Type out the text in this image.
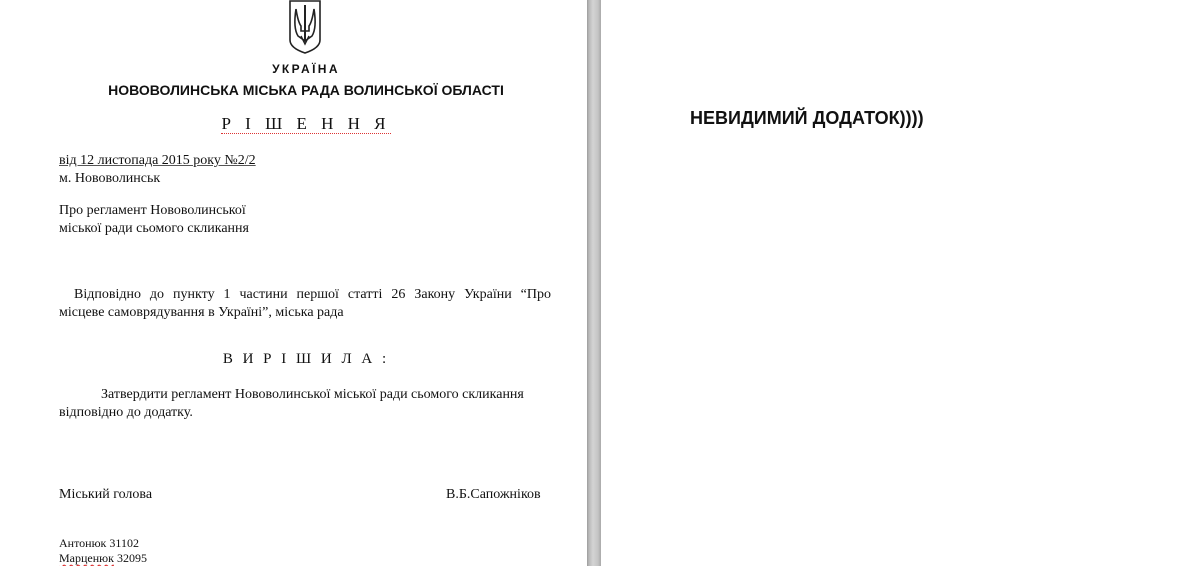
УКРАЇНА
НОВОВОЛИНСЬКА МІСЬКА РАДА ВОЛИНСЬКОЇ ОБЛАСТІ
Р І Ш Е Н Н Я
від 12 листопада 2015 року №2/2
м. Нововолинськ
Про регламент Нововолинської
міської ради сьомого скликання
Відповідно до пункту 1 частини першої статті 26 Закону України “Про
місцеве самоврядування в Україні”, міська рада
В И Р І Ш И Л А :
Затвердити регламент Нововолинської міської ради сьомого скликання
відповідно до додатку.
Міський голова	В.Б.Сапожніков
Антонюк 31102
Марценюк 32095
НЕВИДИМИЙ ДОДАТОК))))
